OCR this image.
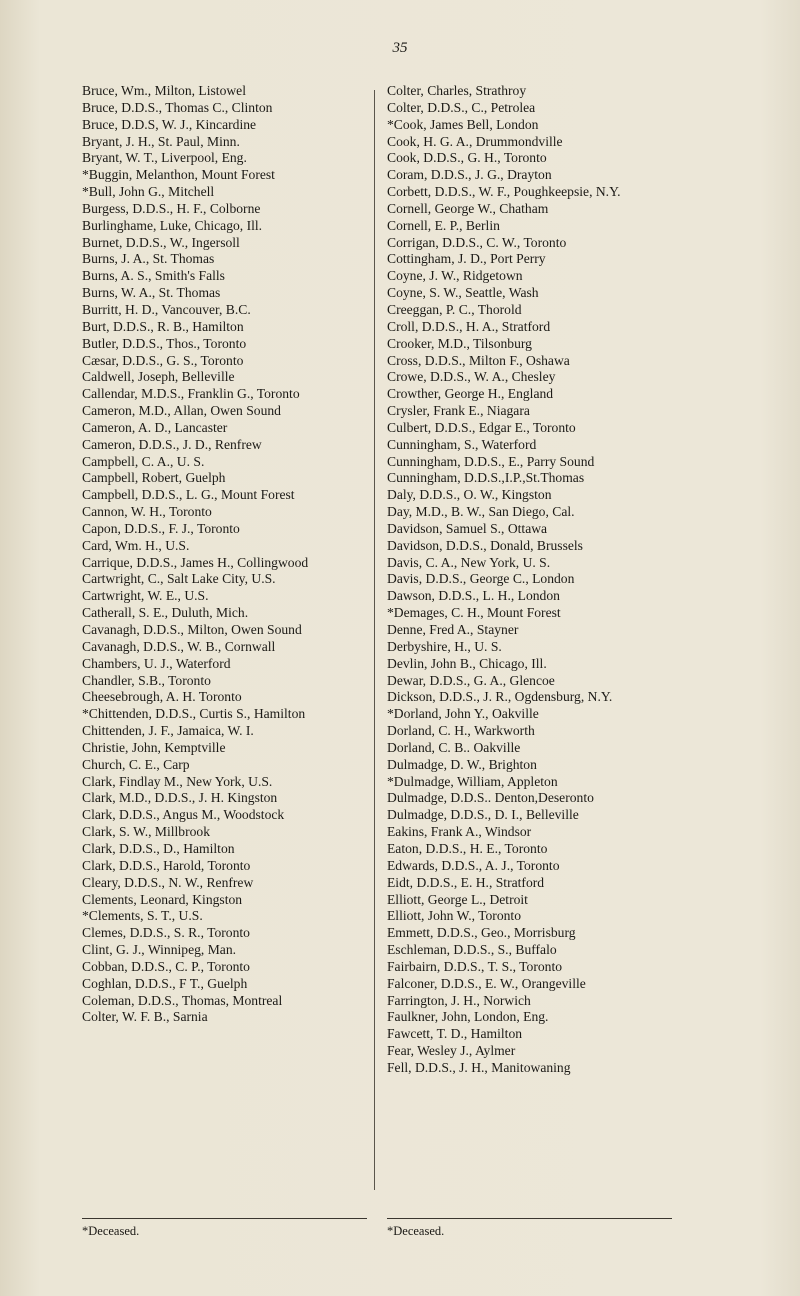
35
Bruce, Wm., Milton, Listowel
Bruce, D.D.S., Thomas C., Clinton
Bruce, D.D.S, W. J., Kincardine
Bryant, J. H., St. Paul, Minn.
Bryant, W. T., Liverpool, Eng.
*Buggin, Melanthon, Mount Forest
*Bull, John G., Mitchell
Burgess, D.D.S., H. F., Colborne
Burlinghame, Luke, Chicago, Ill.
Burnet, D.D.S., W., Ingersoll
Burns, J. A., St. Thomas
Burns, A. S., Smith's Falls
Burns, W. A., St. Thomas
Burritt, H. D., Vancouver, B.C.
Burt, D.D.S., R. B., Hamilton
Butler, D.D.S., Thos., Toronto
Cæsar, D.D.S., G. S., Toronto
Caldwell, Joseph, Belleville
Callendar, M.D.S., Franklin G., Toronto
Cameron, M.D., Allan, Owen Sound
Cameron, A. D., Lancaster
Cameron, D.D.S., J. D., Renfrew
Campbell, C. A., U. S.
Campbell, Robert, Guelph
Campbell, D.D.S., L. G., Mount Forest
Cannon, W. H., Toronto
Capon, D.D.S., F. J., Toronto
Card, Wm. H., U.S.
Carrique, D.D.S., James H., Collingwood
Cartwright, C., Salt Lake City, U.S.
Cartwright, W. E., U.S.
Catherall, S. E., Duluth, Mich.
Cavanagh, D.D.S., Milton, Owen Sound
Cavanagh, D.D.S., W. B., Cornwall
Chambers, U. J., Waterford
Chandler, S.B., Toronto
Cheesebrough, A. H. Toronto
*Chittenden, D.D.S., Curtis S., Hamilton
Chittenden, J. F., Jamaica, W. I.
Christie, John, Kemptville
Church, C. E., Carp
Clark, Findlay M., New York, U.S.
Clark, M.D., D.D.S., J. H. Kingston
Clark, D.D.S., Angus M., Woodstock
Clark, S. W., Millbrook
Clark, D.D.S., D., Hamilton
Clark, D.D.S., Harold, Toronto
Cleary, D.D.S., N. W., Renfrew
Clements, Leonard, Kingston
*Clements, S. T., U.S.
Clemes, D.D.S., S. R., Toronto
Clint, G. J., Winnipeg, Man.
Cobban, D.D.S., C. P., Toronto
Coghlan, D.D.S., F T., Guelph
Coleman, D.D.S., Thomas, Montreal
Colter, W. F. B., Sarnia
Colter, Charles, Strathroy
Colter, D.D.S., C., Petrolea
*Cook, James Bell, London
Cook, H. G. A., Drummondville
Cook, D.D.S., G. H., Toronto
Coram, D.D.S., J. G., Drayton
Corbett, D.D.S., W. F., Poughkeepsie, N.Y.
Cornell, George W., Chatham
Cornell, E. P., Berlin
Corrigan, D.D.S., C. W., Toronto
Cottingham, J. D., Port Perry
Coyne, J. W., Ridgetown
Coyne, S. W., Seattle, Wash
Creeggan, P. C., Thorold
Croll, D.D.S., H. A., Stratford
Crooker, M.D., Tilsonburg
Cross, D.D.S., Milton F., Oshawa
Crowe, D.D.S., W. A., Chesley
Crowther, George H., England
Crysler, Frank E., Niagara
Culbert, D.D.S., Edgar E., Toronto
Cunningham, S., Waterford
Cunningham, D.D.S., E., Parry Sound
Cunningham, D.D.S.,I.P.,St.Thomas
Daly, D.D.S., O. W., Kingston
Day, M.D., B. W., San Diego, Cal.
Davidson, Samuel S., Ottawa
Davidson, D.D.S., Donald, Brussels
Davis, C. A., New York, U. S.
Davis, D.D.S., George C., London
Dawson, D.D.S., L. H., London
*Demages, C. H., Mount Forest
Denne, Fred A., Stayner
Derbyshire, H., U. S.
Devlin, John B., Chicago, Ill.
Dewar, D.D.S., G. A., Glencoe
Dickson, D.D.S., J. R., Ogdensburg, N.Y.
*Dorland, John Y., Oakville
Dorland, C. H., Warkworth
Dorland, C. B.. Oakville
Dulmadge, D. W., Brighton
*Dulmadge, William, Appleton
Dulmadge, D.D.S.. Denton,Deseronto
Dulmadge, D.D.S., D. I., Belleville
Eakins, Frank A., Windsor
Eaton, D.D.S., H. E., Toronto
Edwards, D.D.S., A. J., Toronto
Eidt, D.D.S., E. H., Stratford
Elliott, George L., Detroit
Elliott, John W., Toronto
Emmett, D.D.S., Geo., Morrisburg
Eschleman, D.D.S., S., Buffalo
Fairbairn, D.D.S., T. S., Toronto
Falconer, D.D.S., E. W., Orangeville
Farrington, J. H., Norwich
Faulkner, John, London, Eng.
Fawcett, T. D., Hamilton
Fear, Wesley J., Aylmer
Fell, D.D.S., J. H., Manitowaning
*Deceased.	*Deceased.
